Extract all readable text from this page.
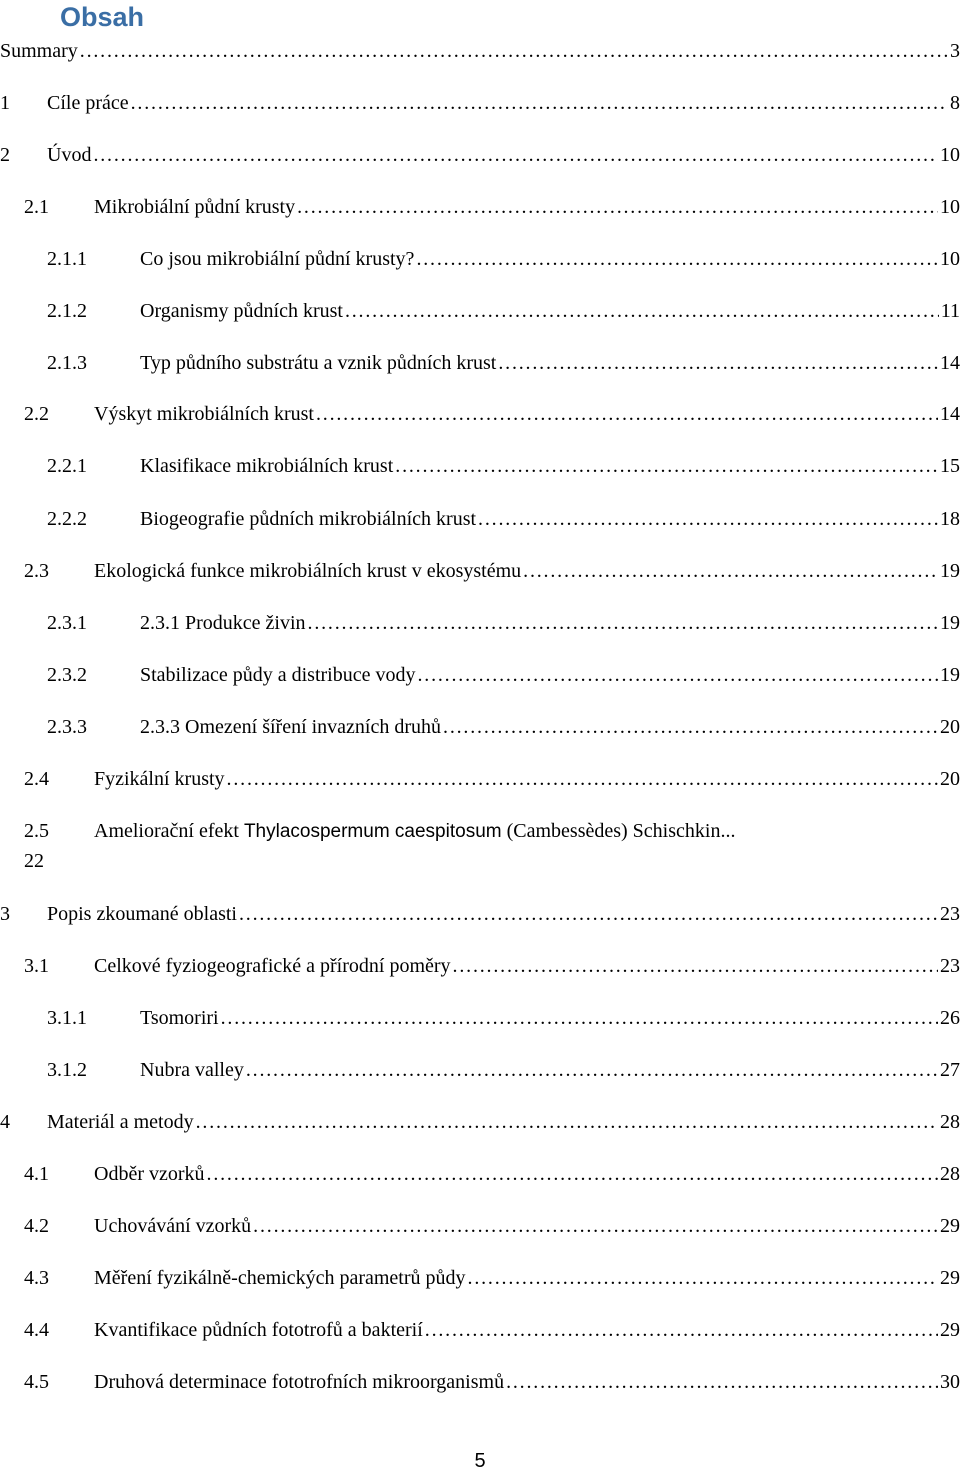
Obsah
Summary . . .	3
1 Cíle práce . . .	8
2 Úvod . . .	10
2.1 Mikrobiální půdní krusty . . .	10
2.1.1	Co jsou mikrobiální půdní krusty? . . .	10
2.1.2	Organismy půdních krust . . .	11
2.1.3	Typ půdního substrátu a vznik půdních krust . . .	14
2.2 Výskyt mikrobiálních krust . . .	14
2.2.1	Klasifikace mikrobiálních krust . . .	15
2.2.2	Biogeografie půdních mikrobiálních krust . . .	18
2.3 Ekologická funkce mikrobiálních krust v ekosystému . . .	19
2.3.1	2.3.1 Produkce živin . . .	19
2.3.2	Stabilizace půdy a distribuce vody . . .	19
2.3.3	2.3.3 Omezení šíření invazních druhů . . .	20
2.4 Fyzikální krusty . . .	20
2.5 Ameliorační efekt Thylacospermum caespitosum (Cambessèdes) Schischkin ...
22
3 Popis zkoumané oblasti . . .	23
3.1 Celkové fyziogeografické a přírodní poměry . . .	23
3.1.1	Tsomoriri . . .	26
3.1.2	Nubra valley . . .	27
4 Materiál a metody . . .	28
4.1 Odběr vzorků . . .	28
4.2 Uchovávání vzorků . . .	29
4.3 Měření fyzikálně-chemických parametrů půdy . . .	29
4.4 Kvantifikace půdních fototrofů a bakterií . . .	29
4.5 Druhová determinace fototrofních mikroorganismů . . .	30
5
